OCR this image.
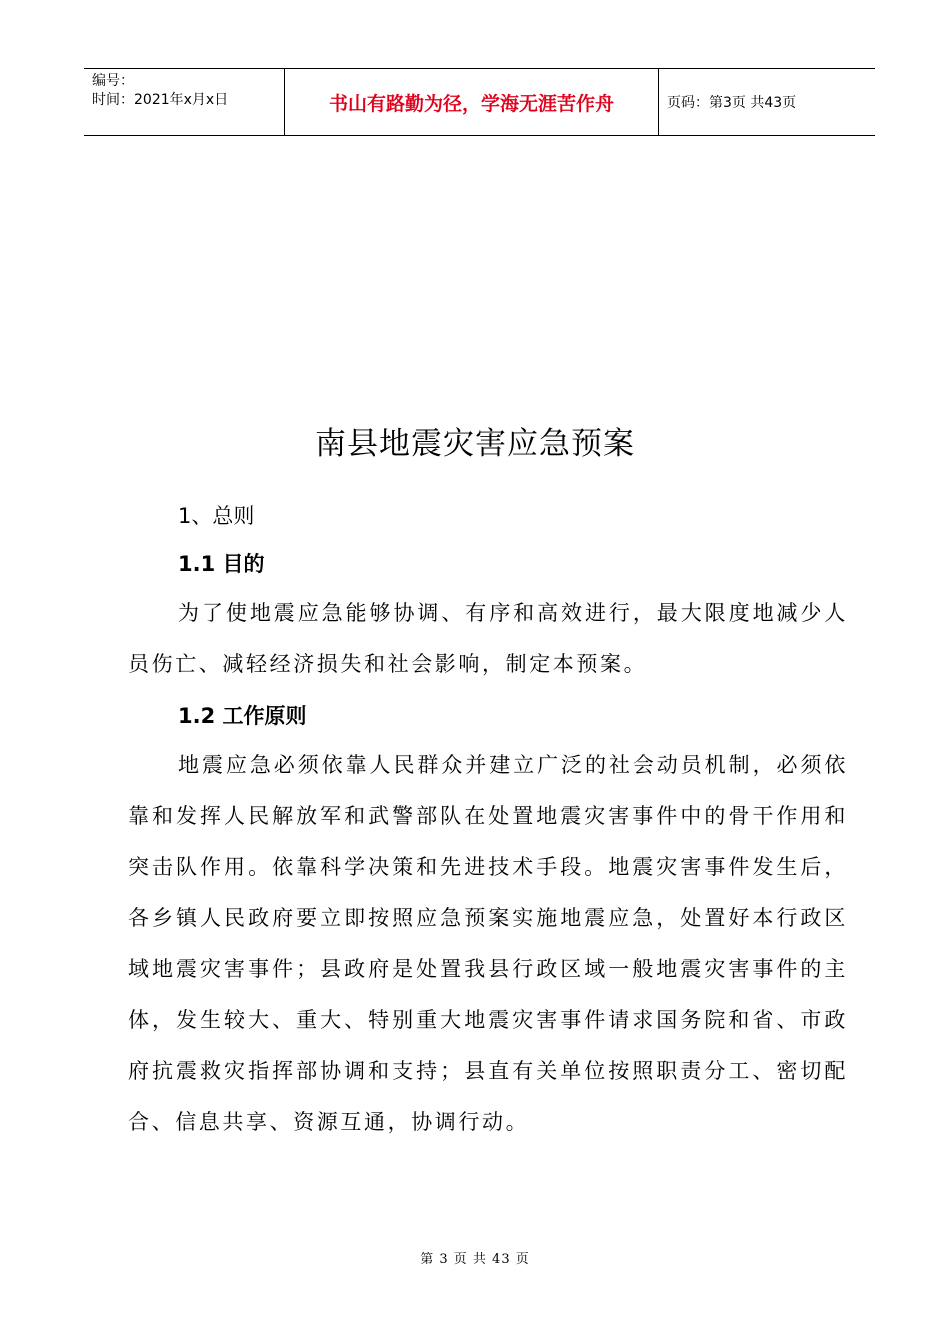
编号：
时间：2021年x月x日	书山有路勤为径，学海无涯苦作舟	页码：第3页 共43页
南县地震灾害应急预案
1、总则
1.1 目的

为了使地震应急能够协调、有序和高效进行，最大限度地减少人员伤亡、减轻经济损失和社会影响，制定本预案。

1.2 工作原则

地震应急必须依靠人民群众并建立广泛的社会动员机制，必须依靠和发挥人民解放军和武警部队在处置地震灾害事件中的骨干作用和突击队作用。依靠科学决策和先进技术手段。地震灾害事件发生后，各乡镇人民政府要立即按照应急预案实施地震应急，处置好本行政区域地震灾害事件；县政府是处置我县行政区域一般地震灾害事件的主体，发生较大、重大、特别重大地震灾害事件请求国务院和省、市政府抗震救灾指挥部协调和支持；县直有关单位按照职责分工、密切配合、信息共享、资源互通，协调行动。

第 3 页 共 43 页
